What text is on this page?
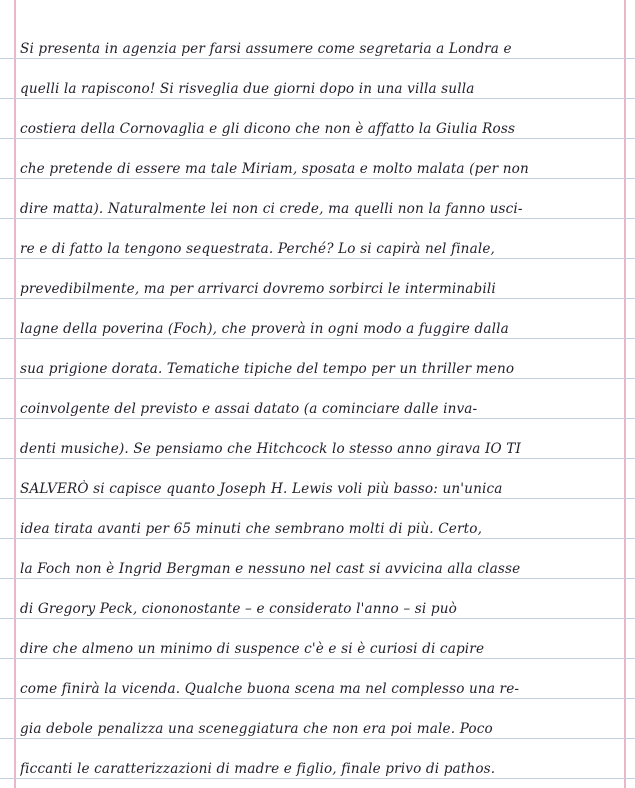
Si presenta in agenzia per farsi assumere come segretaria a Londra e
quelli la rapiscono! Si risveglia due giorni dopo in una villa sulla
costiera della Cornovaglia e gli dicono che non è affatto la Giulia Ross
che pretende di essere ma tale Miriam, sposata e molto malata (per non
dire matta). Naturalmente lei non ci crede, ma quelli non la fanno usci-
re e di fatto la tengono sequestrata. Perché? Lo si capirà nel finale,
prevedibilmente, ma per arrivarci dovremo sorbirci le interminabili
lagne della poverina (Foch), che proverà in ogni modo a fuggire dalla
sua prigione dorata. Tematiche tipiche del tempo per un thriller meno
coinvolgente del previsto e assai datato (a cominciare dalle inva-
denti musiche). Se pensiamo che Hitchcock lo stesso anno girava IO TI
SALVERÒ si capisce quanto Joseph H. Lewis voli più basso: un'unica
idea tirata avanti per 65 minuti che sembrano molti di più. Certo,
la Foch non è Ingrid Bergman e nessuno nel cast si avvicina alla classe
di Gregory Peck, ciononostante – e considerato l'anno – si può
dire che almeno un minimo di suspence c'è e si è curiosi di capire
come finirà la vicenda. Qualche buona scena ma nel complesso una re-
gia debole penalizza una sceneggiatura che non era poi male. Poco
ficcanti le caratterizzazioni di madre e figlio, finale privo di pathos.
